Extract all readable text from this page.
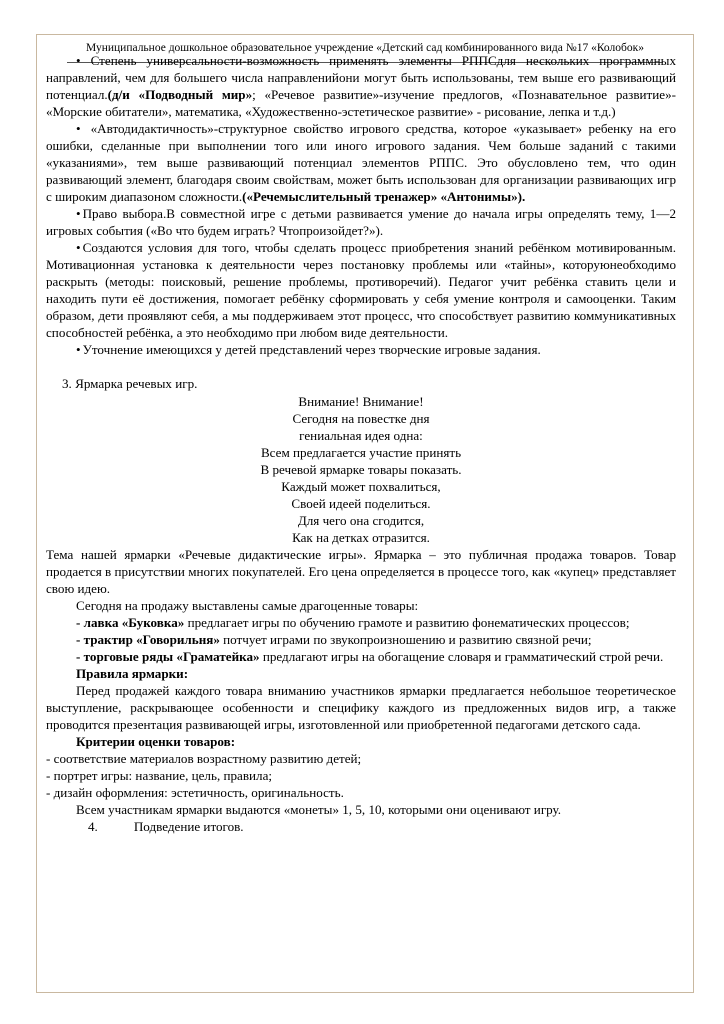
Муниципальное дошкольное образовательное учреждение «Детский сад комбинированного вида №17 «Колобок»

• Степень универсальности-возможность применять элементы РППСдля нескольких программных направлений, чем для большего числа направленийони могут быть использованы, тем выше его развивающий потенциал.(д/и «Подводный мир»; «Речевое развитие»-изучение предлогов, «Познавательное развитие»- «Морские обитатели», математика, «Художественно-эстетическое развитие» - рисование, лепка и т.д.)

• «Автодидактичность»-структурное свойство игрового средства, которое «указывает» ребенку на его ошибки, сделанные при выполнении того или иного игрового задания. Чем больше заданий с такими «указаниями», тем выше развивающий потенциал элементов РППС. Это обусловлено тем, что один развивающий элемент, благодаря своим свойствам, может быть использован для организации развивающих игр с широким диапазоном сложности.(«Речемыслительный тренажер» «Антонимы»).

• Право выбора.В совместной игре с детьми развивается умение до начала игры определять тему, 1—2 игровых события («Во что будем играть? Чтопроизойдет?»).

• Создаются условия для того, чтобы сделать процесс приобретения знаний ребёнком мотивированным. Мотивационная установка к деятельности через постановку проблемы или «тайны», которуюнеобходимо раскрыть (методы: поисковый, решение проблемы, противоречий). Педагог учит ребёнка ставить цели и находить пути её достижения, помогает ребёнку сформировать у себя умение контроля и самооценки. Таким образом, дети проявляют себя, а мы поддерживаем этот процесс, что способствует развитию коммуникативных способностей ребёнка, а это необходимо при любом виде деятельности.

• Уточнение имеющихся у детей представлений через творческие игровые задания.

3. Ярмарка речевых игр.

Внимание! Внимание!

Сегодня на повестке дня

гениальная идея одна:

Всем предлагается участие принять

В речевой ярмарке товары показать.

Каждый может похвалиться,

Своей идеей поделиться.

Для чего она сгодится,

Как на детках отразится.

Тема нашей ярмарки «Речевые дидактические игры». Ярмарка – это публичная продажа товаров. Товар продается в присутствии многих покупателей. Его цена определяется в процессе того, как «купец» представляет свою идею.

Сегодня на продажу выставлены самые драгоценные товары:

- лавка «Буковка» предлагает игры по обучению грамоте и развитию фонематических процессов;

- трактир «Говорильня» потчует играми по звукопроизношению и развитию связной речи;

- торговые ряды «Граматейка» предлагают игры на обогащение словаря и грамматический строй речи.

Правила ярмарки:

Перед продажей каждого товара вниманию участников ярмарки предлагается небольшое теоретическое выступление, раскрывающее особенности и специфику каждого из предложенных видов игр, а также проводится презентация развивающей игры, изготовленной или приобретенной педагогами детского сада.

Критерии оценки товаров:

- соответствие материалов возрастному развитию детей;

- портрет игры: название, цель, правила;

- дизайн оформления: эстетичность, оригинальность.

Всем участникам ярмарки выдаются «монеты» 1, 5, 10, которыми они оценивают игру.

4.	Подведение итогов.
